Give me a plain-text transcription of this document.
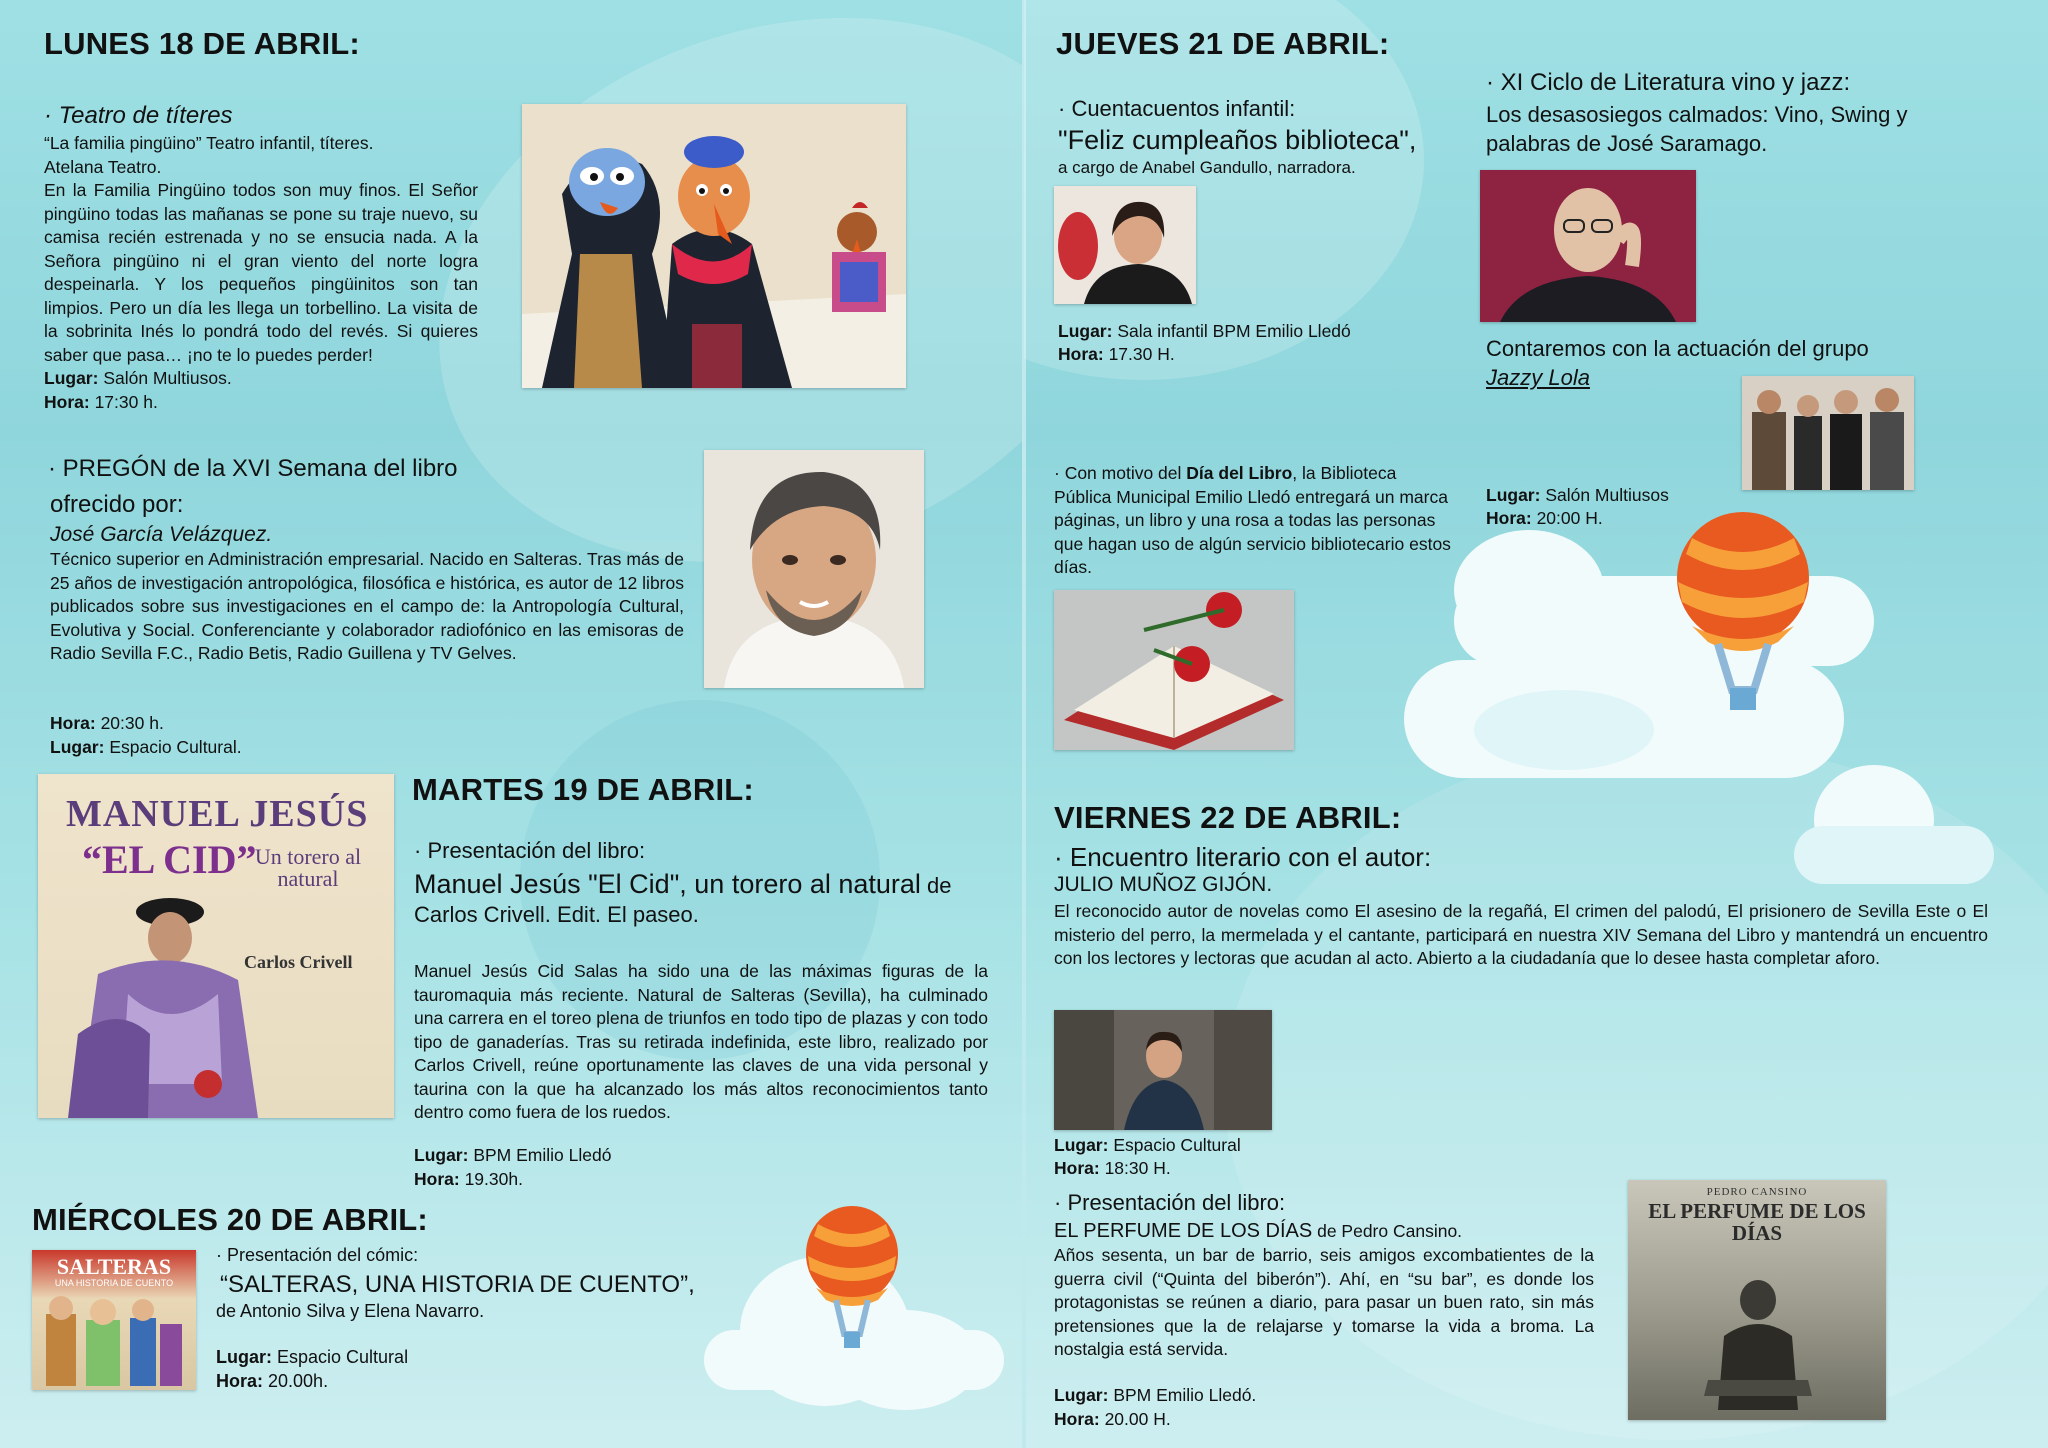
LUNES 18 DE ABRIL:
· Teatro de títeres

“La familia pingüino” Teatro infantil, títeres.

Atelana Teatro.

En la Familia Pingüino todos son muy finos. El Señor pingüino todas las mañanas se pone su traje nuevo, su camisa recién estrenada y no se ensucia nada. A la Señora pingüino ni el gran viento del norte logra despeinarla. Y los pequeños pingüinitos son tan limpios. Pero un día les llega un torbellino. La visita de la sobrinita Inés lo pondrá todo del revés. Si quieres saber que pasa… ¡no te lo puedes perder!

Lugar: Salón Multiusos.

Hora: 17:30 h.

· PREGÓN de la XVI Semana del libro
ofrecido por:
José García Velázquez.
Técnico superior en Administración empresarial. Nacido en Salteras. Tras más de 25 años de investigación antropológica, filosófica e histórica, es autor de 12 libros publicados sobre sus investigaciones en el campo de: la Antropología Cultural, Evolutiva y Social. Conferenciante y colaborador radiofónico en las emisoras de Radio Sevilla F.C., Radio Betis, Radio Guillena y TV Gelves.
Hora: 20:30 h.
Lugar: Espacio Cultural.
MANUEL JESÚS
“EL CID”
Un torero al natural
Carlos Crivell
MARTES 19 DE ABRIL:
· Presentación del libro:
Manuel Jesús "El Cid", un torero al natural de
Carlos Crivell. Edit. El paseo.
Manuel Jesús Cid Salas ha sido una de las máximas figuras de la tauromaquia más reciente. Natural de Salteras (Sevilla), ha culminado una carrera en el toreo plena de triunfos en todo tipo de plazas y con todo tipo de ganaderías. Tras su retirada indefinida, este libro, realizado por Carlos Crivell, reúne oportunamente las claves de una vida personal y taurina con la que ha alcanzado los más altos reconocimientos tanto dentro como fuera de los ruedos.
Lugar: BPM Emilio Lledó
Hora: 19.30h.
MIÉRCOLES 20 DE ABRIL:
SALTERAS
UNA HISTORIA DE CUENTO
· Presentación del cómic:
“SALTERAS, UNA HISTORIA DE CUENTO”,
de Antonio Silva y Elena Navarro.
Lugar: Espacio Cultural
Hora: 20.00h.
JUEVES 21 DE ABRIL:
· Cuentacuentos infantil:
"Feliz cumpleaños biblioteca",
a cargo de Anabel Gandullo, narradora.
Lugar: Sala infantil BPM Emilio Lledó
Hora: 17.30 H.
· XI Ciclo de Literatura vino y jazz:
Los desasosiegos calmados: Vino, Swing y palabras de José Saramago.
Contaremos con la actuación del grupo
Jazzy Lola
Lugar: Salón Multiusos
Hora: 20:00 H.
· Con motivo del Día del Libro, la Biblioteca Pública Municipal Emilio Lledó entregará un marca páginas, un libro y una rosa a todas las personas que hagan uso de algún servicio bibliotecario estos días.
VIERNES 22 DE ABRIL:
· Encuentro literario con el autor:
JULIO MUÑOZ GIJÓN.
El reconocido autor de novelas como El asesino de la regañá, El crimen del palodú, El prisionero de Sevilla Este o El misterio del perro, la mermelada y el cantante, participará en nuestra XIV Semana del Libro y mantendrá un encuentro con los lectores y lectoras que acudan al acto. Abierto a la ciudadanía que lo desee hasta completar aforo.
Lugar: Espacio Cultural
Hora: 18:30 H.
· Presentación del libro:
EL PERFUME DE LOS DÍAS de Pedro Cansino.
Años sesenta, un bar de barrio, seis amigos excombatientes de la guerra civil (“Quinta del biberón”). Ahí, en “su bar”, es donde los protagonistas se reúnen a diario, para pasar un buen rato, sin más pretensiones que la de relajarse y tomarse la vida a broma. La nostalgia está servida.
Lugar: BPM Emilio Lledó.
Hora: 20.00 H.
PEDRO CANSINO
EL PERFUME DE LOS DÍAS
